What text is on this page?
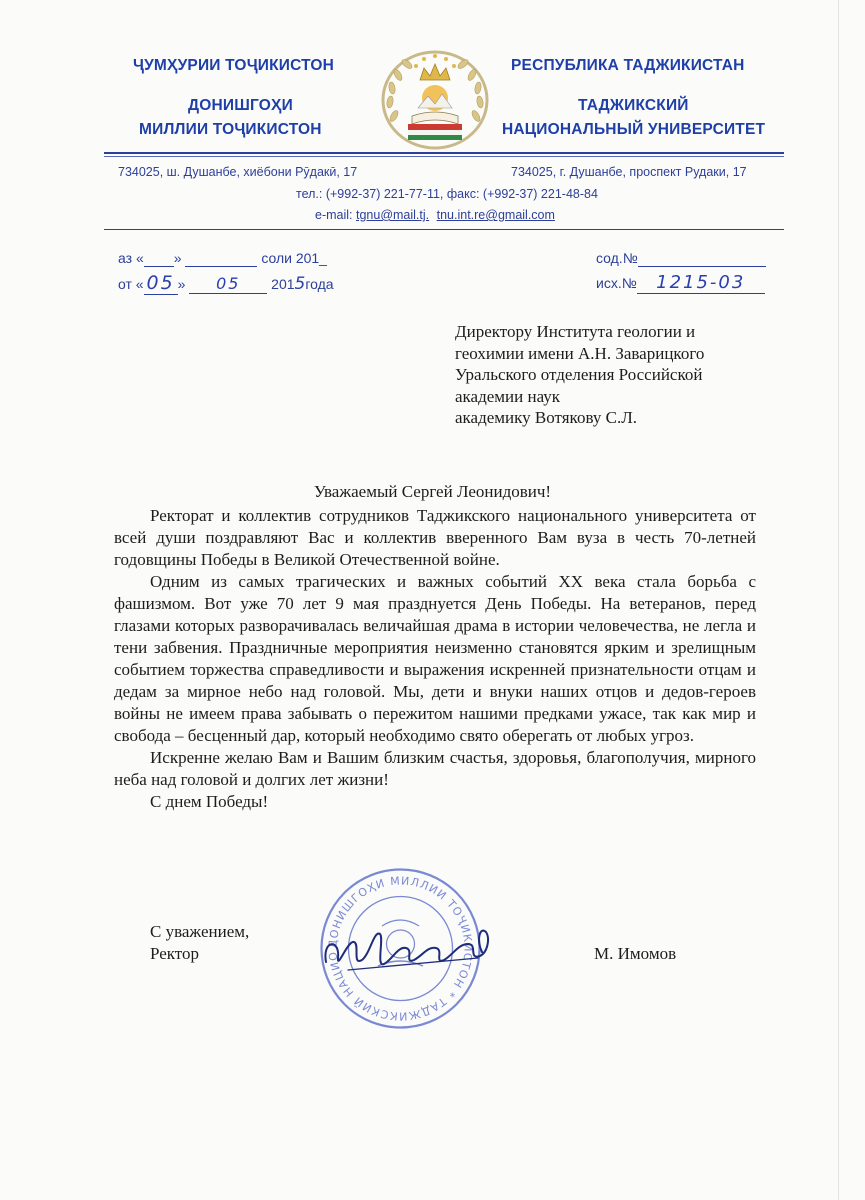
ҶУМҲУРИИ ТОҶИКИСТОН
ДОНИШГОҲИ
МИЛЛИИ ТОҶИКИСТОН
РЕСПУБЛИКА ТАДЖИКИСТАН
ТАДЖИКСКИЙ
НАЦИОНАЛЬНЫЙ УНИВЕРСИТЕТ
734025, ш. Душанбе, хиёбони Рӯдакӣ, 17	734025, г. Душанбе, проспект Рудаки, 17
тел.: (+992-37) 221-77-11, факс: (+992-37) 221-48-84
e-mail: tgnu@mail.tj. tnu.int.re@gmail.com
аз « »	соли 201_
от « 05 » 05 2015года
сод.№
исх.№ 1215-03
Директору Института геологии и
геохимии имени А.Н. Заварицкого
Уральского отделения Российской
академии наук
академику Вотякову С.Л.
Уважаемый Сергей Леонидович!

Ректорат и коллектив сотрудников Таджикского национального университета от всей души поздравляют Вас и коллектив вверенного Вам вуза в честь 70-летней годовщины Победы в Великой Отечественной войне.

Одним из самых трагических и важных событий XX века стала борьба с фашизмом. Вот уже 70 лет 9 мая празднуется День Победы. На ветеранов, перед глазами которых разворачивалась величайшая драма в истории человечества, не легла и тени забвения. Праздничные мероприятия неизменно становятся ярким и зрелищным событием торжества справедливости и выражения искренней признательности отцам и дедам за мирное небо над головой. Мы, дети и внуки наших отцов и дедов-героев войны не имеем права забывать о пережитом нашими предками ужасе, так как мир и свобода – бесценный дар, который необходимо свято оберегать от любых угроз.

Искренне желаю Вам и Вашим близким счастья, здоровья, благополучия, мирного неба над головой и долгих лет жизни!

С днем Победы!

ДОНИШГОҲИ МИЛЛИИ ТОҶИКИСТОН * ТАДЖИКСКИЙ НАЦИО
С уважением,
Ректор	М. Имомов
